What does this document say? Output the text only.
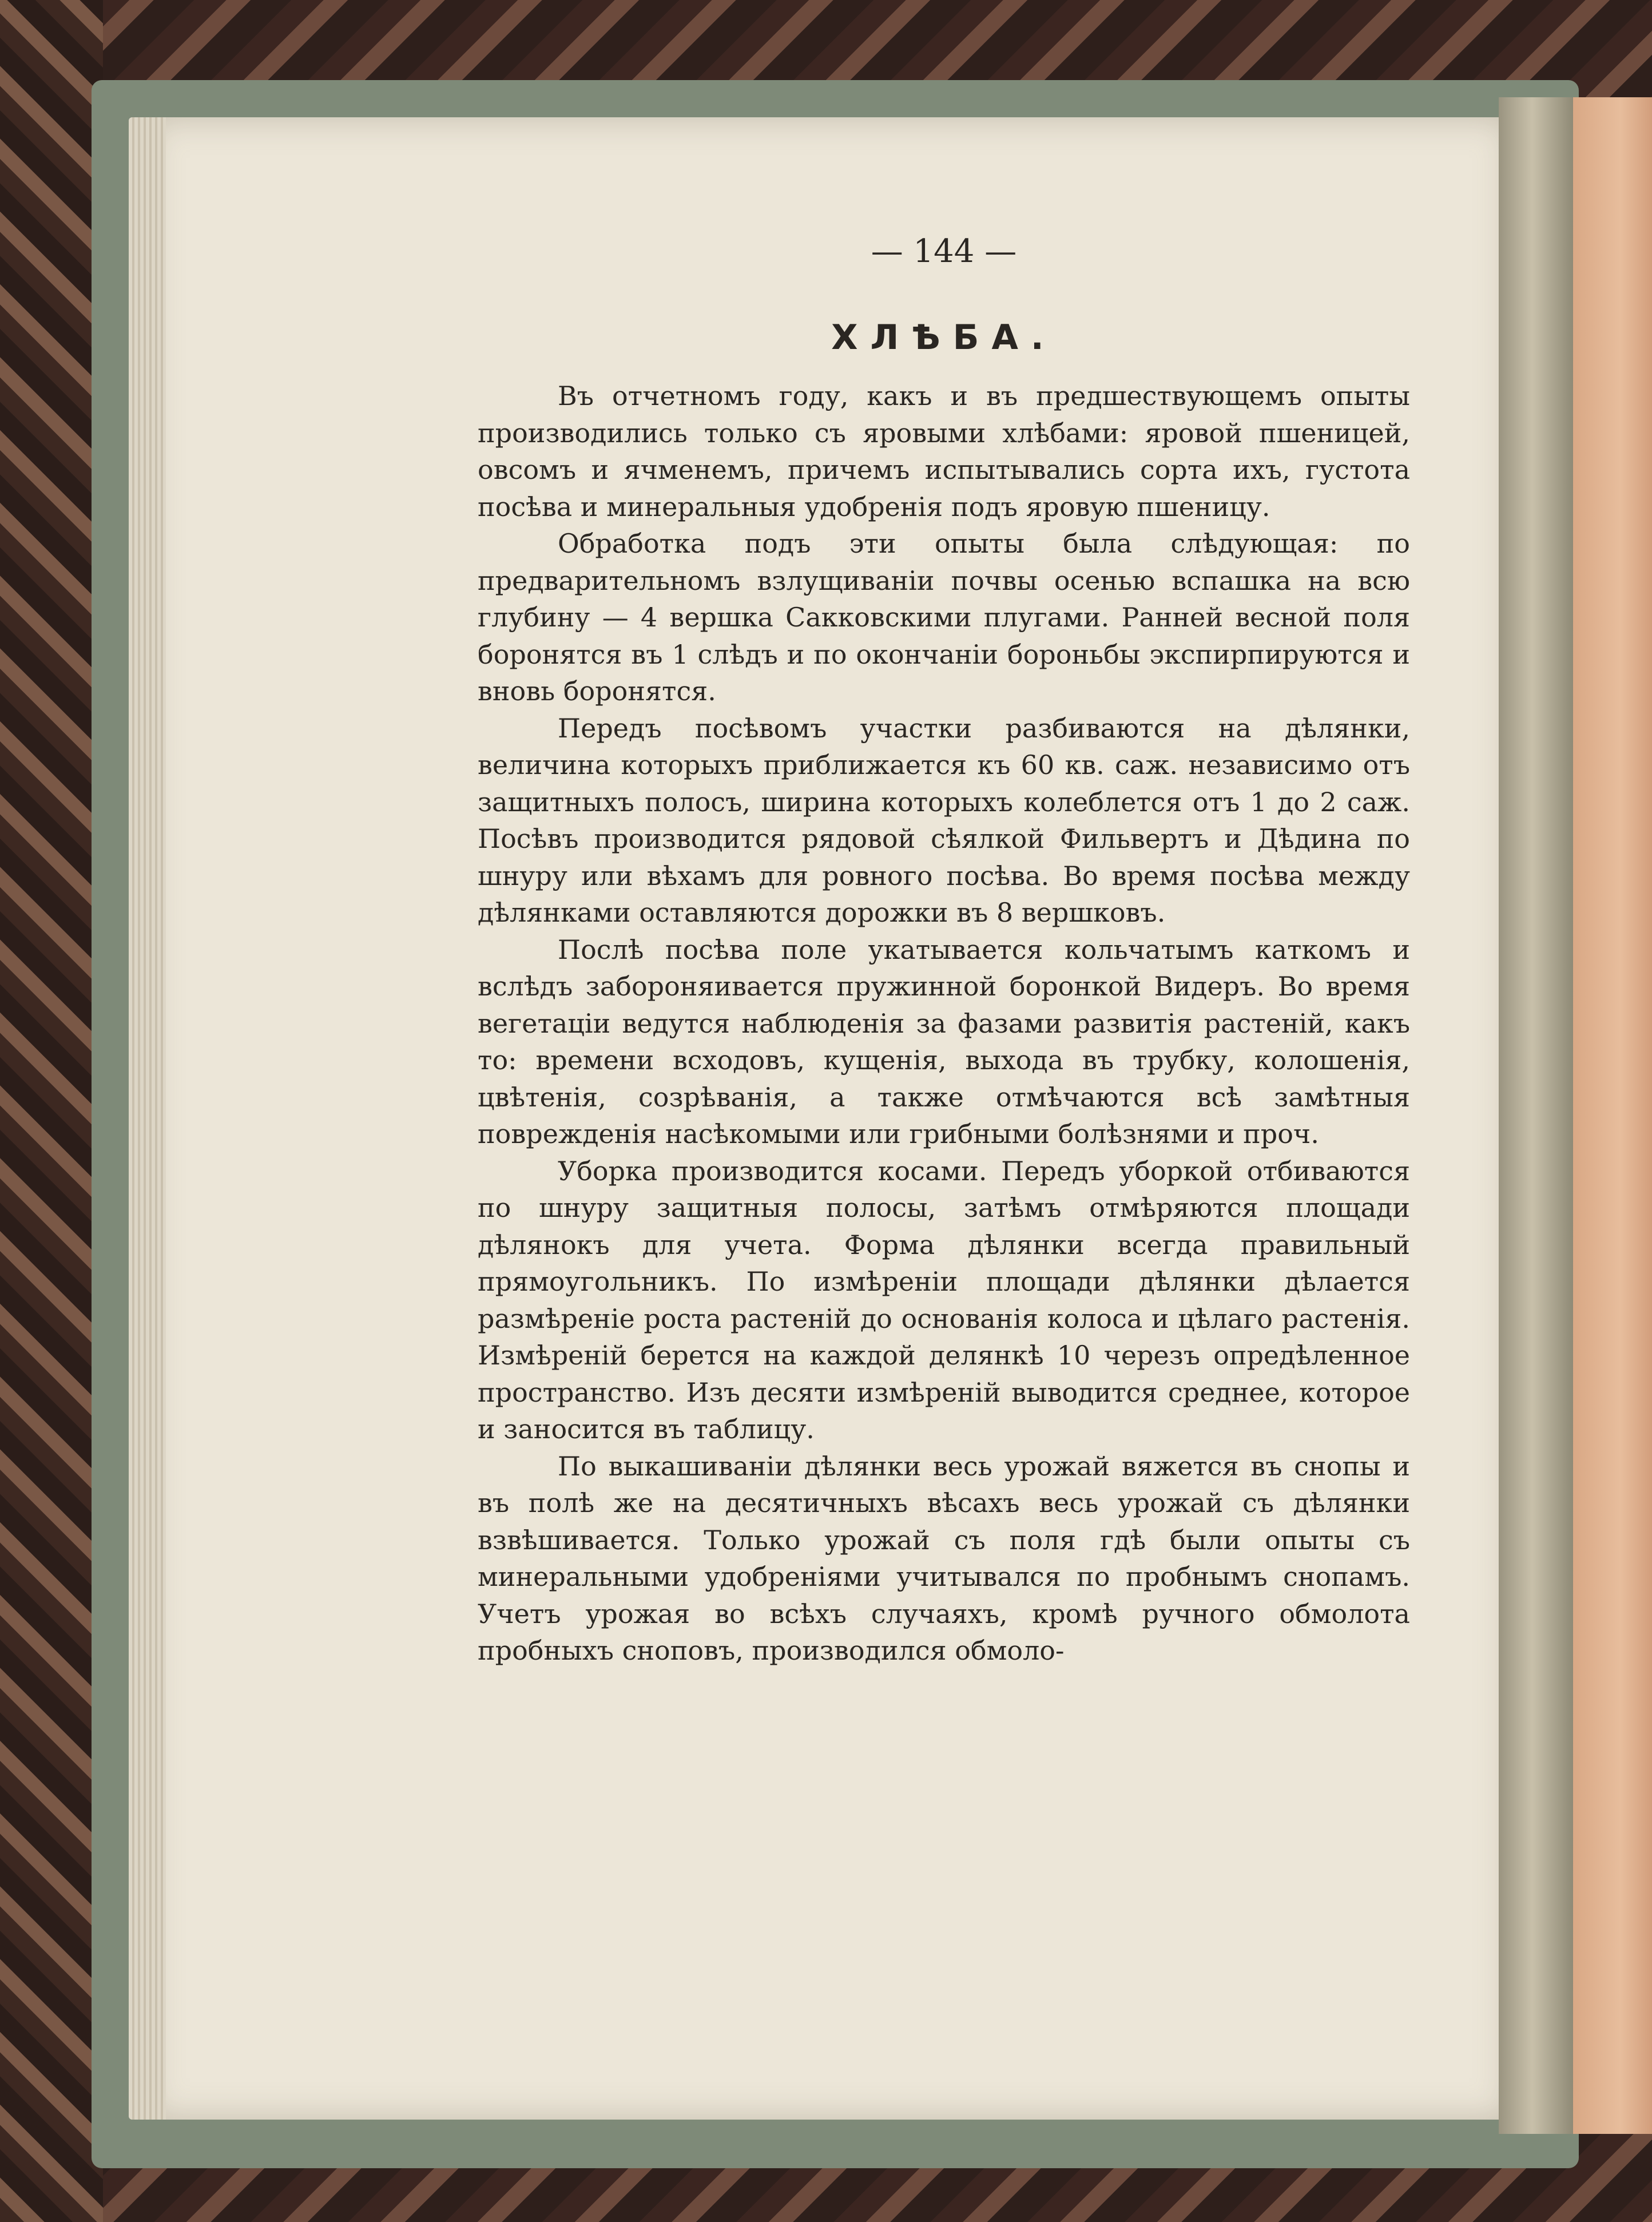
— 144 —
ХЛѢБА.

Въ отчетномъ году, какъ и въ предшествующемъ опыты производились только съ яровыми хлѣбами: яровой пшеницей, овсомъ и ячменемъ, причемъ испытывались сорта ихъ, густота посѣва и минеральныя удобренія подъ яровую пшеницу.

Обработка подъ эти опыты была слѣдующая: по предварительномъ взлущиваніи почвы осенью вспашка на всю глубину — 4 вершка Сакковскими плугами. Ранней весной поля боронятся въ 1 слѣдъ и по окончаніи бороньбы экспирпируются и вновь боронятся.

Передъ посѣвомъ участки разбиваются на дѣлянки, величина которыхъ приближается къ 60 кв. саж. независимо отъ защитныхъ полосъ, ширина которыхъ колеблется отъ 1 до 2 саж. Посѣвъ производится рядовой сѣялкой Фильвертъ и Дѣдина по шнуру или вѣхамъ для ровного посѣва. Во время посѣва между дѣлянками оставляются дорожки въ 8 вершковъ.

Послѣ посѣва поле укатывается кольчатымъ каткомъ и вслѣдъ забороняивается пружинной боронкой Видеръ. Во время вегетаціи ведутся наблюденія за фазами развитія растеній, какъ то: времени всходовъ, кущенія, выхода въ трубку, колошенія, цвѣтенія, созрѣванія, а также отмѣчаются всѣ замѣтныя поврежденія насѣкомыми или грибными болѣзнями и проч.

Уборка производится косами. Передъ уборкой отбиваются по шнуру защитныя полосы, затѣмъ отмѣряются площади дѣлянокъ для учета. Форма дѣлянки всегда правильный прямоугольникъ. По измѣреніи площади дѣлянки дѣлается размѣреніе роста растеній до основанія колоса и цѣлаго растенія. Измѣреній берется на каждой делянкѣ 10 черезъ опредѣленное пространство. Изъ десяти измѣреній выводится среднее, которое и заносится въ таблицу.

По выкашиваніи дѣлянки весь урожай вяжется въ снопы и въ полѣ же на десятичныхъ вѣсахъ весь урожай съ дѣлянки взвѣшивается. Только урожай съ поля гдѣ были опыты съ минеральными удобреніями учитывался по пробнымъ снопамъ. Учетъ урожая во всѣхъ случаяхъ, кромѣ ручного обмолота пробныхъ сноповъ, производился обмоло-
